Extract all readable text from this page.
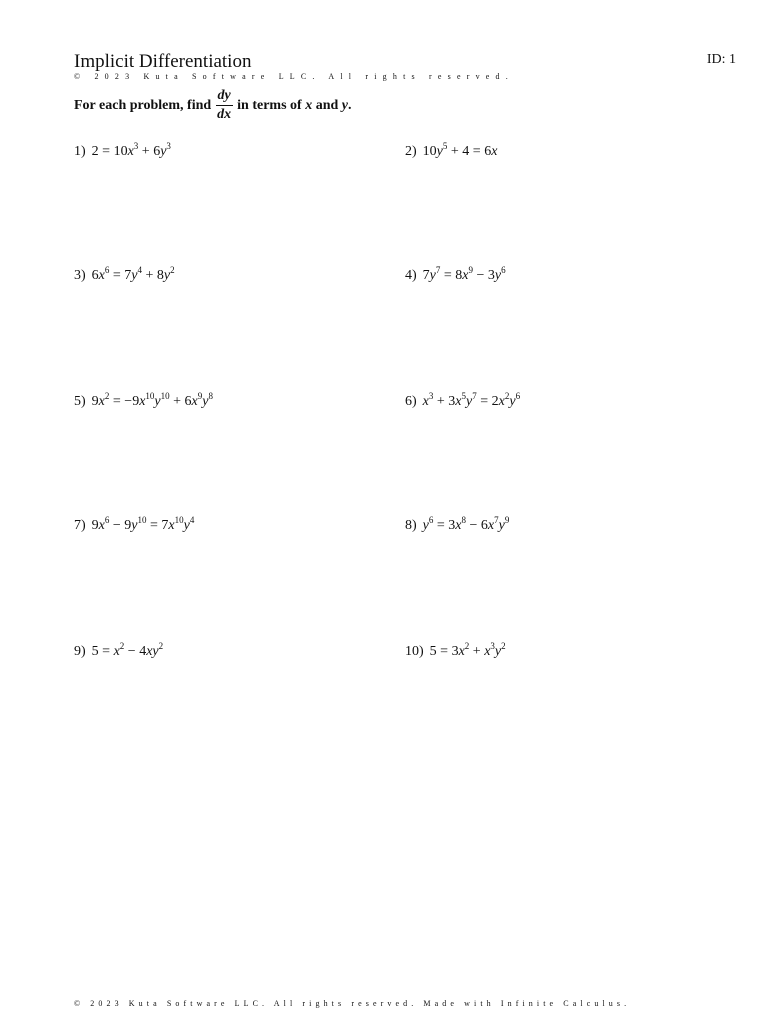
Implicit Differentiation	ID: 1
© 2023 Kuta Software LLC. All rights reserved.
For each problem, find $\frac{dy}{dx}$ in terms of
x
and
y .
1) $2 = 10x^3 + 6y^3$	2) $10y^5 + 4 = 6x$
3) $6x^6 = 7y^4 + 8y^2$	4) $7y^7 = 8x^9 - 3y^6$
5) $9x^2 = -9x^{10}y^{10} + 6x^9y^8$	6) $x^3 + 3x^5y^7 = 2x^2y^6$
7) $9x^6 - 9y^{10} = 7x^{10}y^4$	8) $y^6 = 3x^8 - 6x^7y^9$
9) $5 = x^2 - 4xy^2$	10) $5 = 3x^2 + x^3y^2$
© 2023 Kuta Software LLC. All rights reserved. Made with Infinite Calculus.
